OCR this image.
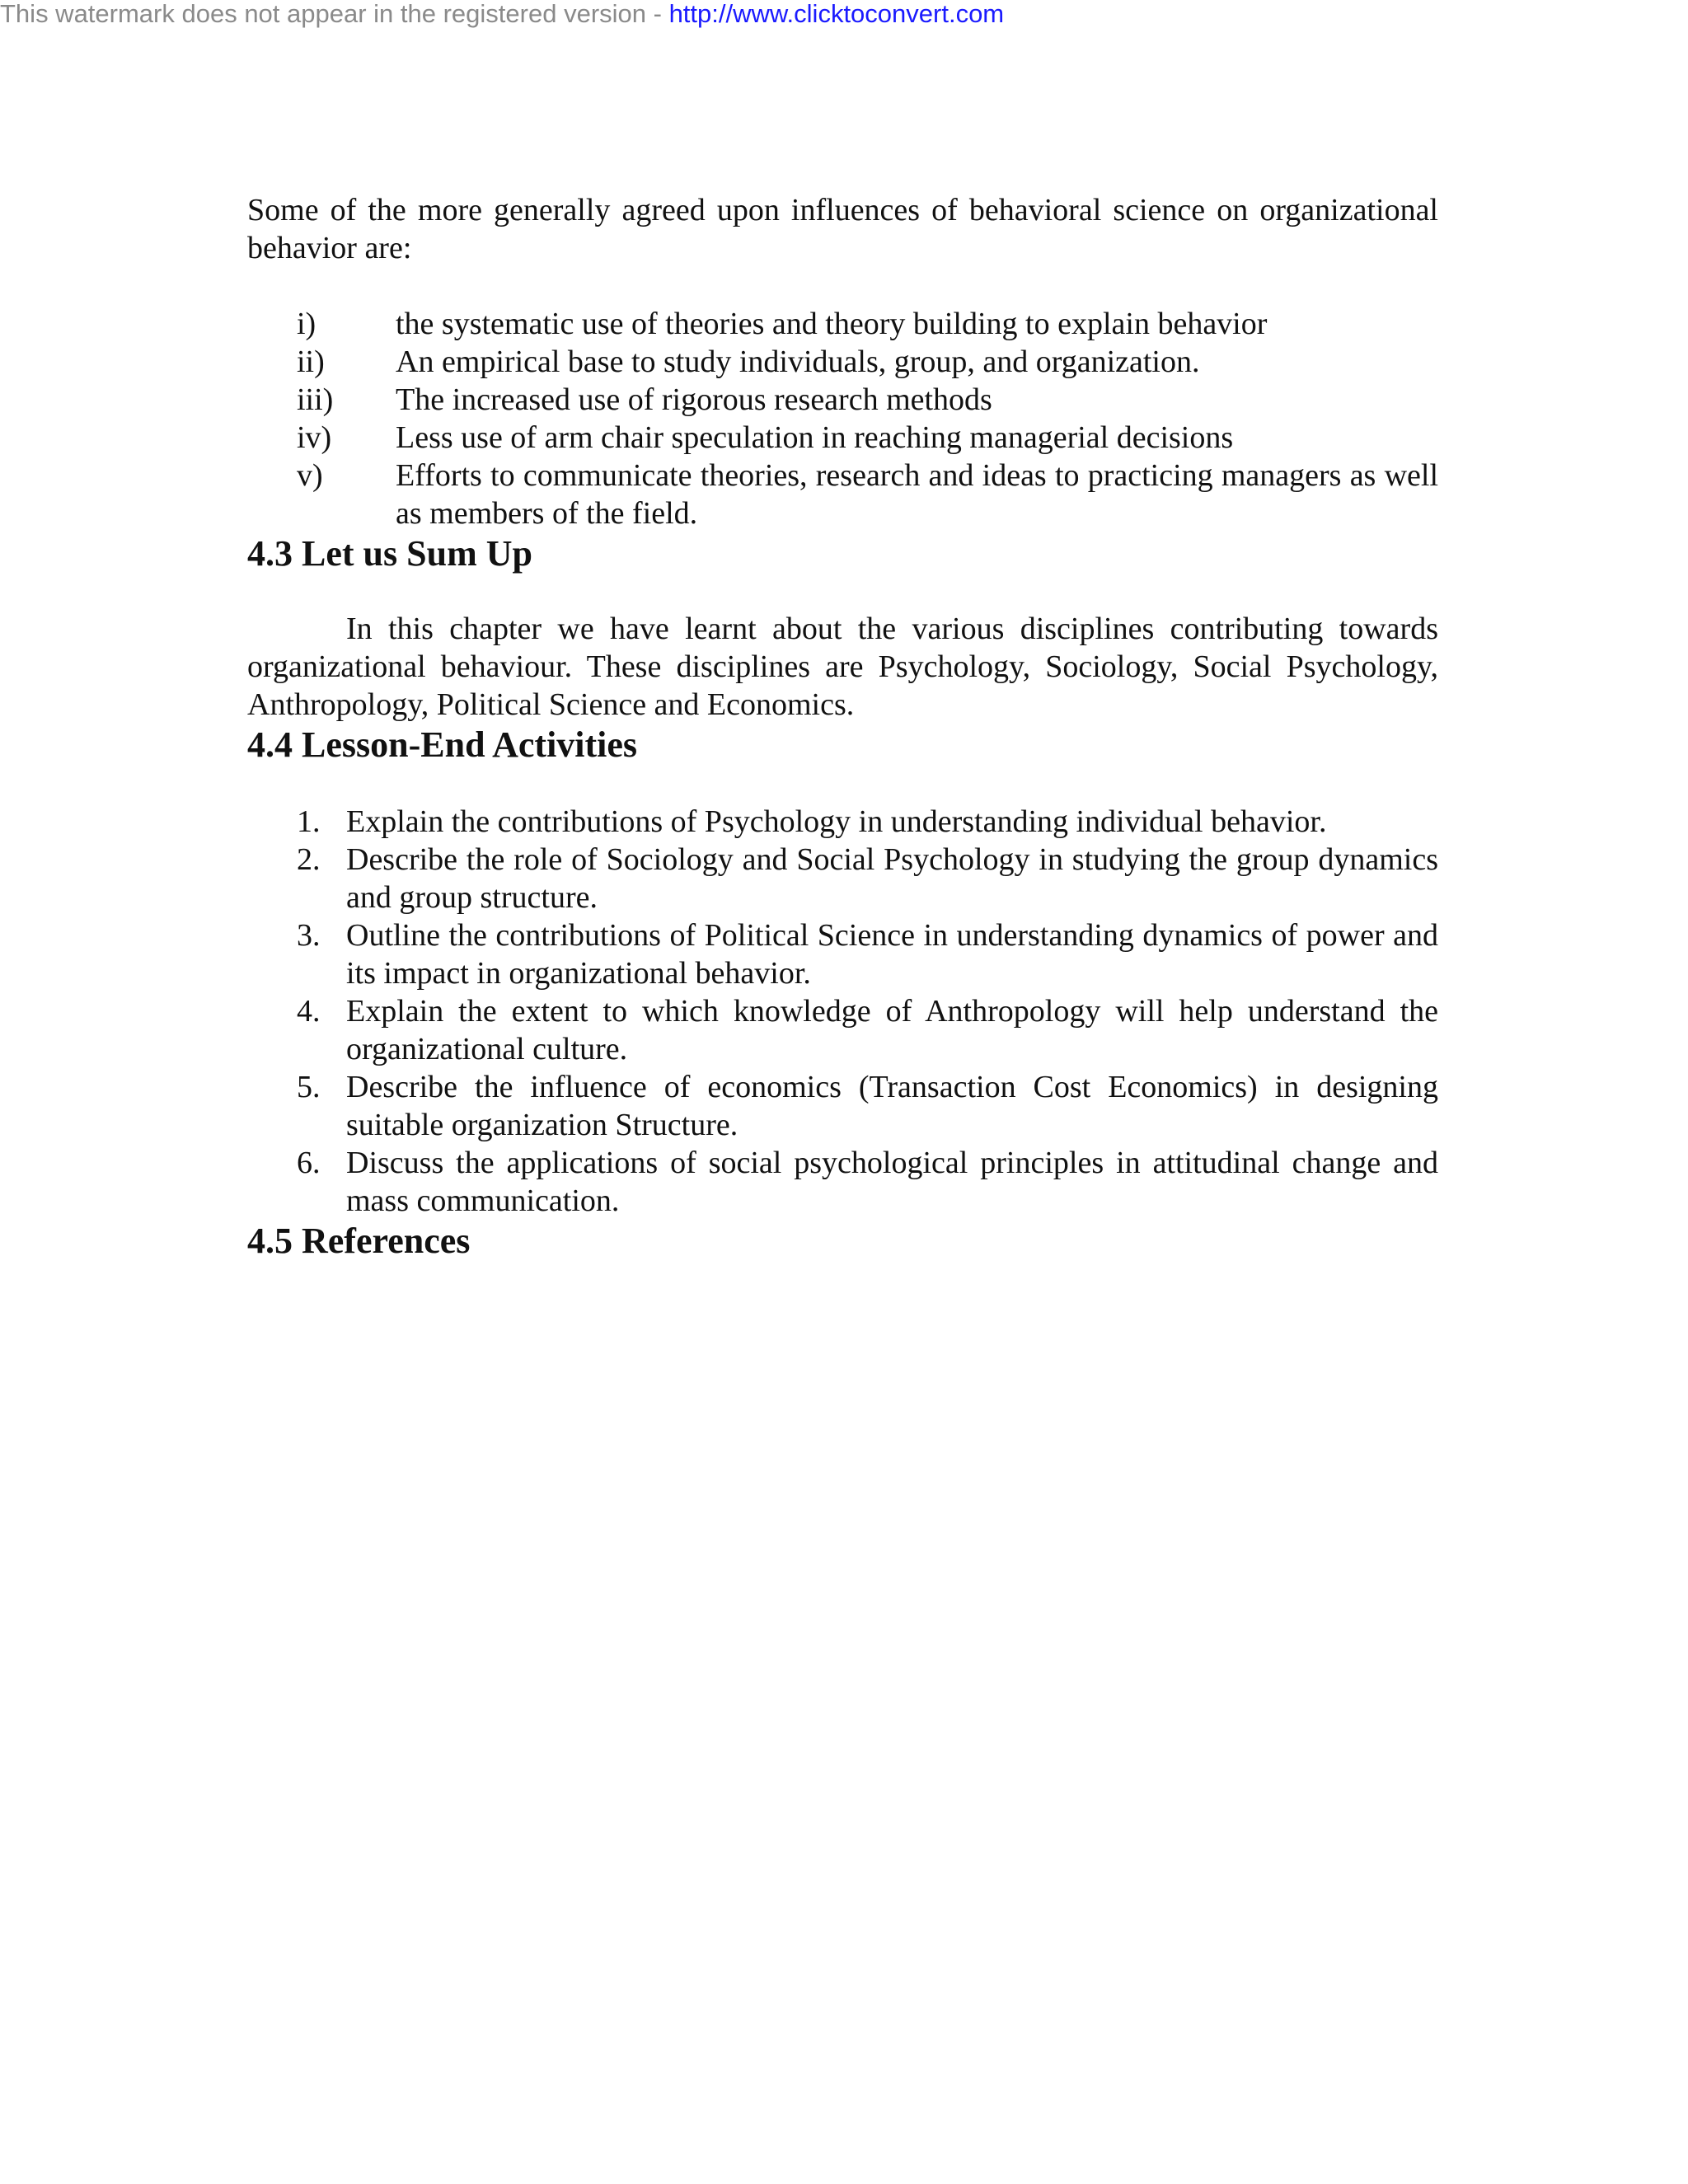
This watermark does not appear in the registered version - http://www.clicktoconvert.com

Some of the more generally agreed upon influences of behavioral science on organizational behavior are:

i)	the systematic use of theories and theory building to explain behavior
ii)	An empirical base to study individuals, group, and organization.
iii)	The increased use of rigorous research methods
iv)	Less use of arm chair speculation in reaching managerial decisions
v)	Efforts to communicate theories, research and ideas to practicing managers as well as members of the field.
4.3 Let us Sum Up

In this chapter we have learnt about the various disciplines contributing towards organizational behaviour. These disciplines are Psychology, Sociology, Social Psychology, Anthropology, Political Science and Economics.

4.4 Lesson-End Activities
1. Explain the contributions of Psychology in understanding individual behavior.
2. Describe the role of Sociology and Social Psychology in studying the group dynamics and group structure.
3. Outline the contributions of Political Science in understanding dynamics of power and its impact in organizational behavior.
4. Explain the extent to which knowledge of Anthropology will help understand the organizational culture.
5. Describe the influence of economics (Transaction Cost Economics) in designing suitable organization Structure.
6. Discuss the applications of social psychological principles in attitudinal change and mass communication.
4.5 References
